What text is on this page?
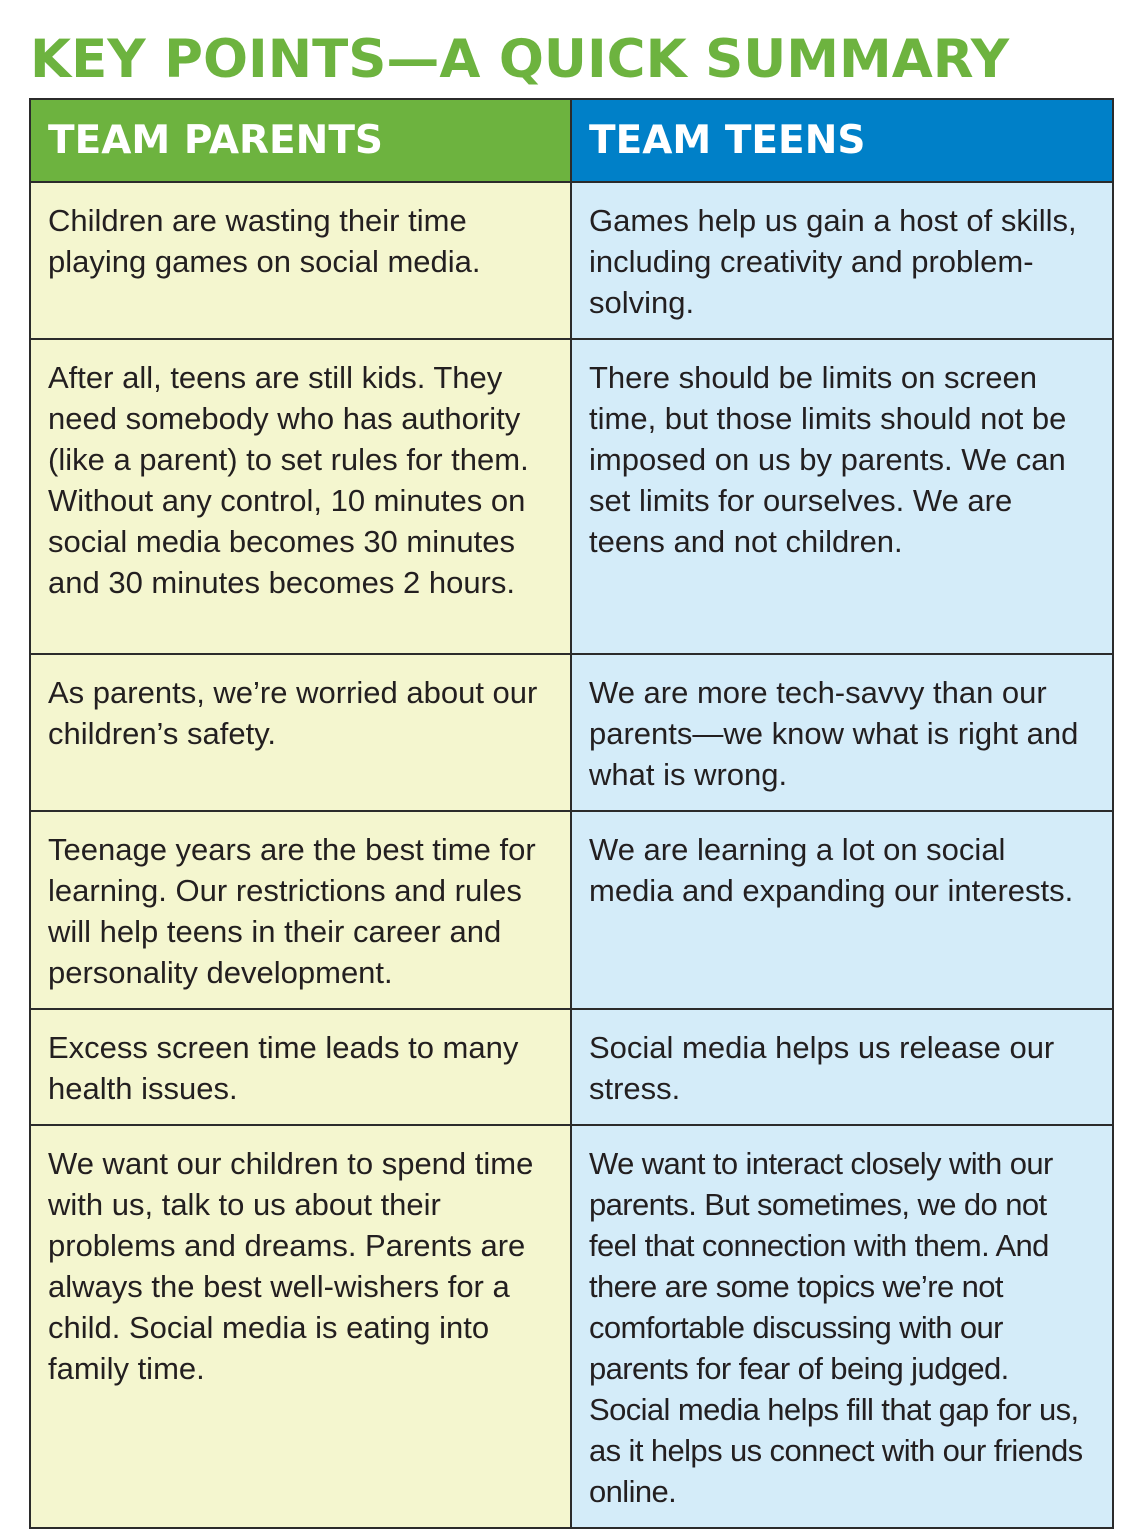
KEY POINTS—A QUICK SUMMARY
TEAM PARENTS	TEAM TEENS
Children are wasting their time playing games on social media.	Games help us gain a host of skills, including creativity and problem-solving.
After all, teens are still kids. They need somebody who has authority (like a parent) to set rules for them. Without any control, 10 minutes on social media becomes 30 minutes and 30 minutes becomes 2 hours.	There should be limits on screen time, but those limits should not be imposed on us by parents. We can set limits for ourselves. We are teens and not children.
As parents, we’re worried about our children’s safety.	We are more tech-savvy than our parents—we know what is right and what is wrong.
Teenage years are the best time for learning. Our restrictions and rules will help teens in their career and personality development.	We are learning a lot on social media and expanding our interests.
Excess screen time leads to many health issues.	Social media helps us release our stress.
We want our children to spend time with us, talk to us about their problems and dreams. Parents are always the best well-wishers for a child. Social media is eating into family time.	We want to interact closely with our parents. But sometimes, we do not feel that connection with them. And there are some topics we’re not comfortable discussing with our parents for fear of being judged. Social media helps fill that gap for us, as it helps us connect with our friends online.
